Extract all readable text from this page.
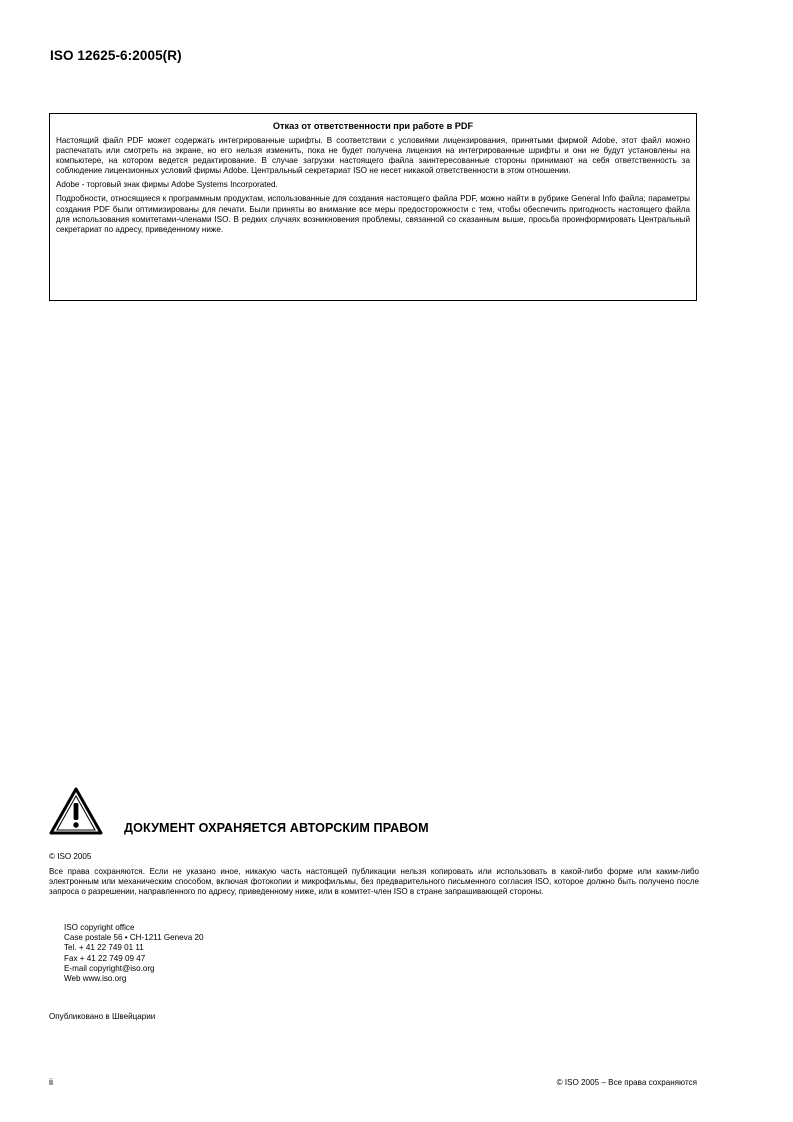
ISO 12625-6:2005(R)
Отказ от ответственности при работе в PDF

Настоящий файл PDF может содержать интегрированные шрифты. В соответствии с условиями лицензирования, принятыми фирмой Adobe, этот файл можно распечатать или смотреть на экране, но его нельзя изменить, пока не будет получена лицензия на интегрированные шрифты и они не будут установлены на компьютере, на котором ведется редактирование. В случае загрузки настоящего файла заинтересованные стороны принимают на себя ответственность за соблюдение лицензионных условий фирмы Adobe. Центральный секретариат ISO не несет никакой ответственности в этом отношении.

Adobe - торговый знак фирмы Adobe Systems Incorporated.

Подробности, относящиеся к программным продуктам, использованные для создания настоящего файла PDF, можно найти в рубрике General Info файла; параметры создания PDF были оптимизированы для печати. Были приняты во внимание все меры предосторожности с тем, чтобы обеспечить пригодность настоящего файла для использования комитетами-членами ISO. В редких случаях возникновения проблемы, связанной со сказанным выше, просьба проинформировать Центральный секретариат по адресу, приведенному ниже.

ДОКУМЕНТ ОХРАНЯЕТСЯ АВТОРСКИМ ПРАВОМ
© ISO 2005

Все права сохраняются. Если не указано иное, никакую часть настоящей публикации нельзя копировать или использовать в какой-либо форме или каким-либо электронным или механическим способом, включая фотокопии и микрофильмы, без предварительного письменного согласия ISO, которое должно быть получено после запроса о разрешении, направленного по адресу, приведенному ниже, или в комитет-член ISO в стране запрашивающей стороны.

ISO copyright office
Case postale 56 • CH-1211 Geneva 20
Tel. + 41 22 749 01 11
Fax + 41 22 749 09 47
E-mail copyright@iso.org
Web www.iso.org
Опубликовано в Швейцарии
ii	© ISO 2005 – Все права сохраняются
